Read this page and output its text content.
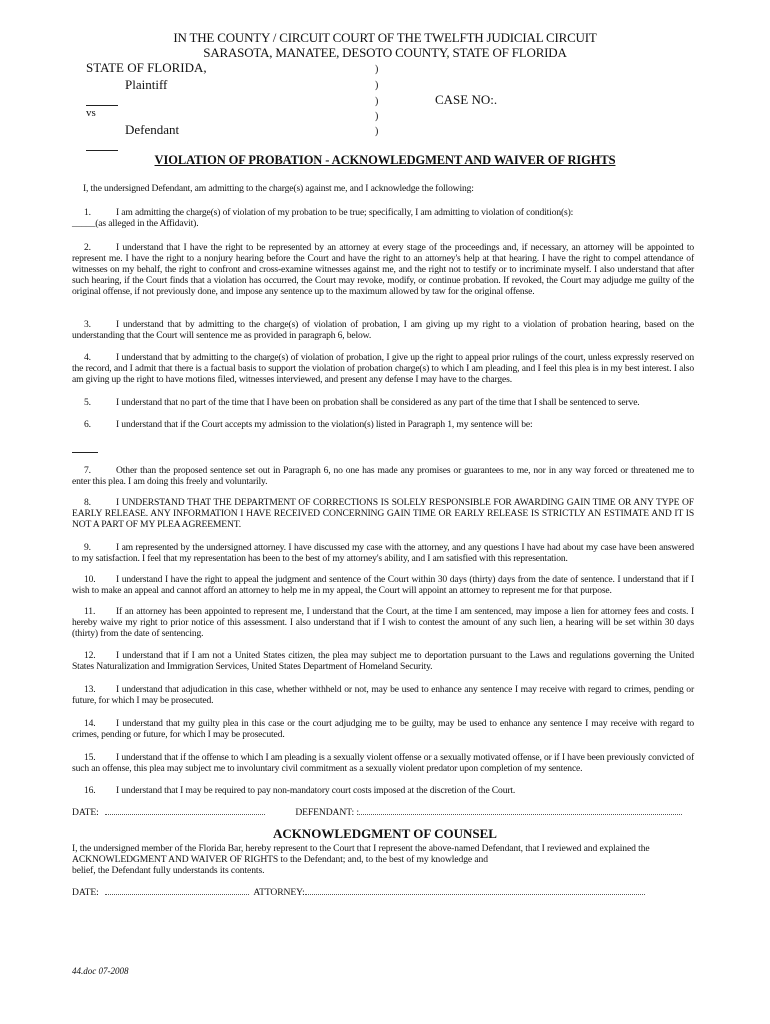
IN THE COUNTY / CIRCUIT COURT OF THE TWELFTH JUDICIAL CIRCUIT
SARASOTA, MANATEE, DESOTO COUNTY, STATE OF FLORIDA
STATE OF FLORIDA,
Plaintiff
vs
Defendant
)
)
)
)
)
CASE NO:.
VIOLATION OF PROBATION - ACKNOWLEDGMENT AND WAIVER OF RIGHTS
I, the undersigned Defendant, am admitting to the charge(s) against me, and I acknowledge the following:
1.	I am admitting the charge(s) of violation of my probation to be true; specifically, I am admitting to violation of condition(s):
_____(as alleged in the Affidavit).
2.	I understand that I have the right to be represented by an attorney at every stage of the proceedings and, if necessary, an attorney will be appointed to represent me. I have the right to a nonjury hearing before the Court and have the right to an attorney's help at that hearing. I have the right to compel attendance of witnesses on my behalf, the right to confront and cross-examine witnesses against me, and the right not to testify or to incriminate myself. I also understand that after such hearing, if the Court finds that a violation has occurred, the Court may revoke, modify, or continue probation. If revoked, the Court may adjudge me guilty of the original offense, if not previously done, and impose any sentence up to the maximum allowed by taw for the original offense.
3.	I understand that by admitting to the charge(s) of violation of probation, I am giving up my right to a violation of probation hearing, based on the understanding that the Court will sentence me as provided in paragraph 6, below.
4.	I understand that by admitting to the charge(s) of violation of probation, I give up the right to appeal prior rulings of the court, unless expressly reserved on the record, and I admit that there is a factual basis to support the violation of probation charge(s) to which I am pleading, and I feel this plea is in my best interest. I also am giving up the right to have motions filed, witnesses interviewed, and present any defense I may have to the charges.
5.	I understand that no part of the time that I have been on probation shall be considered as any part of the time that I shall be sentenced to serve.
6.	I understand that if the Court accepts my admission to the violation(s) listed in Paragraph 1, my sentence will be:
7.	Other than the proposed sentence set out in Paragraph 6, no one has made any promises or guarantees to me, nor in any way forced or threatened me to enter this plea. I am doing this freely and voluntarily.
8.	I UNDERSTAND THAT THE DEPARTMENT OF CORRECTIONS IS SOLELY RESPONSIBLE FOR AWARDING GAIN TIME OR ANY TYPE OF EARLY RELEASE. ANY INFORMATION I HAVE RECEIVED CONCERNING GAIN TIME OR EARLY RELEASE IS STRICTLY AN ESTIMATE AND IT IS NOT A PART OF MY PLEA AGREEMENT.
9.	I am represented by the undersigned attorney. I have discussed my case with the attorney, and any questions I have had about my case have been answered to my satisfaction. I feel that my representation has been to the best of my attorney's ability, and I am satisfied with this representation.
10. I understand I have the right to appeal the judgment and sentence of the Court within 30 days (thirty) days from the date of sentence. I understand that if I wish to make an appeal and cannot afford an attorney to help me in my appeal, the Court will appoint an attorney to represent me for that purpose.
11. If an attorney has been appointed to represent me, I understand that the Court, at the time I am sentenced, may impose a lien for attorney fees and costs. I hereby waive my right to prior notice of this assessment. I also understand that if I wish to contest the amount of any such lien, a hearing will be set within 30 days (thirty) from the date of sentencing.
12. I understand that if I am not a United States citizen, the plea may subject me to deportation pursuant to the Laws and regulations governing the United States Naturalization and Immigration Services, United States Department of Homeland Security.
13. I understand that adjudication in this case, whether withheld or not, may be used to enhance any sentence I may receive with regard to crimes, pending or future, for which I may be prosecuted.
14. I understand that my guilty plea in this case or the court adjudging me to be guilty, may be used to enhance any sentence I may receive with regard to crimes, pending or future, for which I may be prosecuted.
15. I understand that if the offense to which I am pleading is a sexually violent offense or a sexually motivated offense, or if I have been previously convicted of such an offense, this plea may subject me to involuntary civil commitment as a sexually violent predator upon completion of my sentence.
16. I understand that I may be required to pay non-mandatory court costs imposed at the discretion of the Court.
DATE:	DEFENDANT: :
ACKNOWLEDGMENT OF COUNSEL
I, the undersigned member of the Florida Bar, hereby represent to the Court that I represent the above-named Defendant, that I reviewed and explained the
ACKNOWLEDGMENT AND WAIVER OF RIGHTS to the Defendant; and, to the best of my knowledge and
belief, the Defendant fully understands its contents.
DATE:	ATTORNEY:
44.doc 07-2008
